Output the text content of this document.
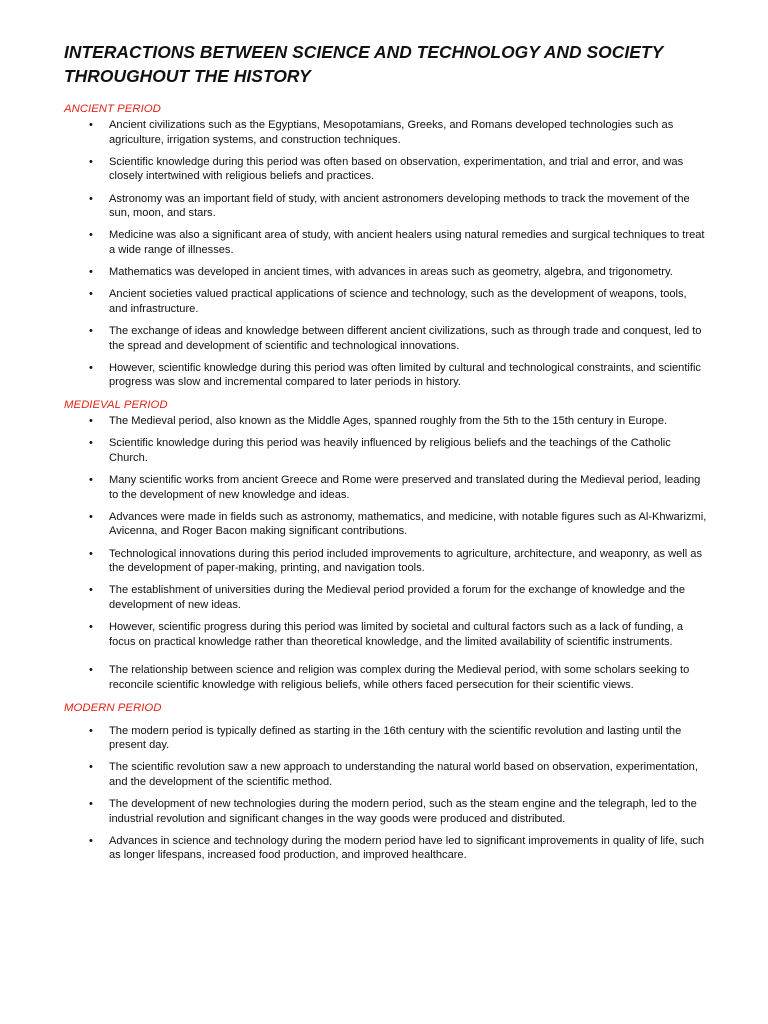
INTERACTIONS BETWEEN SCIENCE AND TECHNOLOGY AND SOCIETY THROUGHOUT THE HISTORY
ANCIENT PERIOD
• Ancient civilizations such as the Egyptians, Mesopotamians, Greeks, and Romans developed technologies such as agriculture, irrigation systems, and construction techniques.
• Scientific knowledge during this period was often based on observation, experimentation, and trial and error, and was closely intertwined with religious beliefs and practices.
• Astronomy was an important field of study, with ancient astronomers developing methods to track the movement of the sun, moon, and stars.
• Medicine was also a significant area of study, with ancient healers using natural remedies and surgical techniques to treat a wide range of illnesses.
• Mathematics was developed in ancient times, with advances in areas such as geometry, algebra, and trigonometry.
• Ancient societies valued practical applications of science and technology, such as the development of weapons, tools, and infrastructure.
• The exchange of ideas and knowledge between different ancient civilizations, such as through trade and conquest, led to the spread and development of scientific and technological innovations.
• However, scientific knowledge during this period was often limited by cultural and technological constraints, and scientific progress was slow and incremental compared to later periods in history.
MEDIEVAL PERIOD
• The Medieval period, also known as the Middle Ages, spanned roughly from the 5th to the 15th century in Europe.
• Scientific knowledge during this period was heavily influenced by religious beliefs and the teachings of the Catholic Church.
• Many scientific works from ancient Greece and Rome were preserved and translated during the Medieval period, leading to the development of new knowledge and ideas.
• Advances were made in fields such as astronomy, mathematics, and medicine, with notable figures such as Al-Khwarizmi, Avicenna, and Roger Bacon making significant contributions.
• Technological innovations during this period included improvements to agriculture, architecture, and weaponry, as well as the development of paper-making, printing, and navigation tools.
• The establishment of universities during the Medieval period provided a forum for the exchange of knowledge and the development of new ideas.
• However, scientific progress during this period was limited by societal and cultural factors such as a lack of funding, a focus on practical knowledge rather than theoretical knowledge, and the limited availability of scientific instruments.
• The relationship between science and religion was complex during the Medieval period, with some scholars seeking to reconcile scientific knowledge with religious beliefs, while others faced persecution for their scientific views.
MODERN PERIOD
• The modern period is typically defined as starting in the 16th century with the scientific revolution and lasting until the present day.
• The scientific revolution saw a new approach to understanding the natural world based on observation, experimentation, and the development of the scientific method.
• The development of new technologies during the modern period, such as the steam engine and the telegraph, led to the industrial revolution and significant changes in the way goods were produced and distributed.
• Advances in science and technology during the modern period have led to significant improvements in quality of life, such as longer lifespans, increased food production, and improved healthcare.
